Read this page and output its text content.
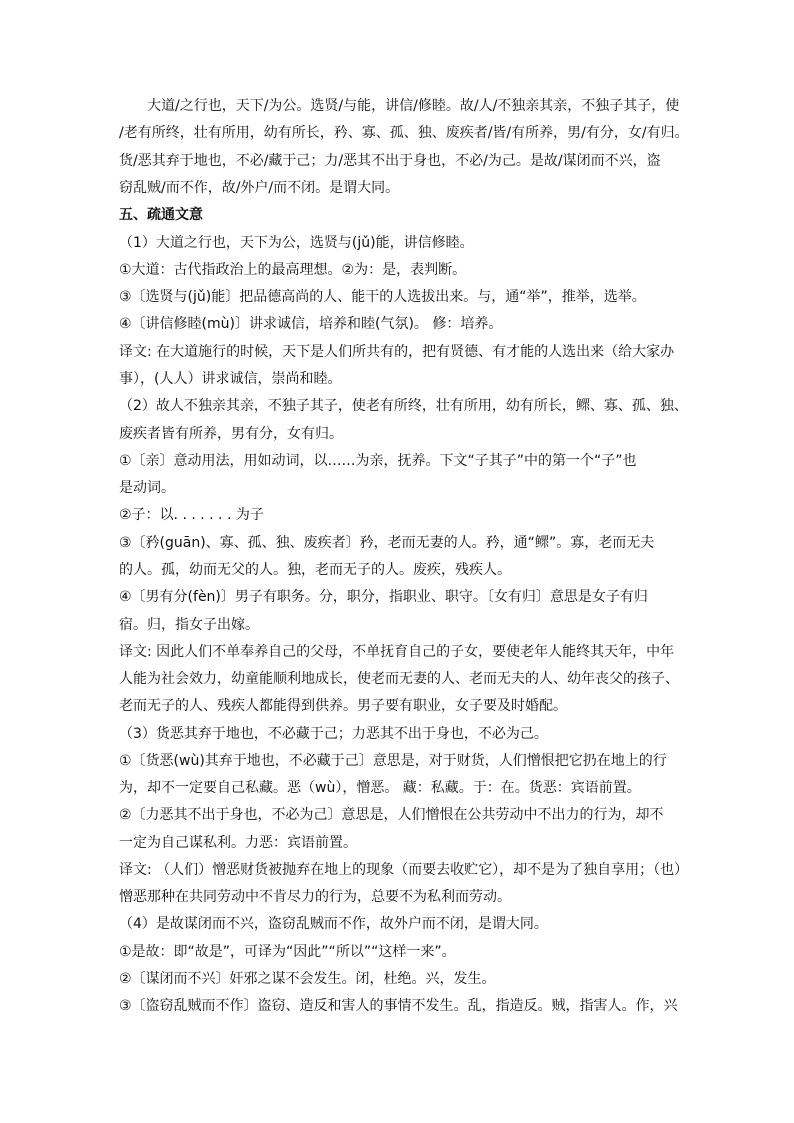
大道/之行也，天下/为公。选贤/与能，讲信/修睦。故/人/不独亲其亲，不独子其子，使
/老有所终，壮有所用，幼有所长，矜、寡、孤、独、废疾者/皆/有所养，男/有分，女/有归。
货/恶其弃于地也，不必/藏于己；力/恶其不出于身也，不必/为己。是故/谋闭而不兴，盗
窃乱贼/而不作，故/外户/而不闭。是谓大同。
五、疏通文意
（1）大道之行也，天下为公，选贤与(jǔ)能，讲信修睦。
①大道：古代指政治上的最高理想。②为：是，表判断。
③〔选贤与(jǔ)能〕把品德高尚的人、能干的人选拔出来。与，通“举”，推举，选举。
④〔讲信修睦(mù)〕讲求诚信，培养和睦(气氛)。 修：培养。
译文: 在大道施行的时候，天下是人们所共有的，把有贤德、有才能的人选出来（给大家办
事），(人人）讲求诚信，崇尚和睦。
（2）故人不独亲其亲，不独子其子，使老有所终，壮有所用，幼有所长，鳏、寡、孤、独、
废疾者皆有所养，男有分，女有归。
①〔亲〕意动用法，用如动词，以……为亲，抚养。下文“子其子”中的第一个“子”也
是动词。
②子：以. . . . . . . 为子
③〔矜(guān)、寡、孤、独、废疾者〕矜，老而无妻的人。矜，通“鳏”。寡，老而无夫
的人。孤，幼而无父的人。独，老而无子的人。废疾，残疾人。
④〔男有分(fèn)〕男子有职务。分，职分，指职业、职守。〔女有归〕意思是女子有归
宿。归，指女子出嫁。
译文: 因此人们不单奉养自己的父母，不单抚育自己的子女，要使老年人能终其天年，中年
人能为社会效力，幼童能顺利地成长，使老而无妻的人、老而无夫的人、幼年丧父的孩子、
老而无子的人、残疾人都能得到供养。男子要有职业，女子要及时婚配。
（3）货恶其弃于地也，不必藏于己；力恶其不出于身也，不必为己。
①〔货恶(wù)其弃于地也，不必藏于己〕意思是，对于财货，人们憎恨把它扔在地上的行
为，却不一定要自己私藏。恶（wù），憎恶。 藏：私藏。于：在。货恶：宾语前置。
②〔力恶其不出于身也，不必为己〕意思是，人们憎恨在公共劳动中不出力的行为，却不
一定为自己谋私利。力恶：宾语前置。
译文: （人们）憎恶财货被抛弃在地上的现象（而要去收贮它），却不是为了独自享用；（也）
憎恶那种在共同劳动中不肯尽力的行为，总要不为私利而劳动。
（4）是故谋闭而不兴，盗窃乱贼而不作，故外户而不闭，是谓大同。
①是故：即“故是”，可译为“因此”“所以”“这样一来”。
②〔谋闭而不兴〕奸邪之谋不会发生。闭，杜绝。兴，发生。
③〔盗窃乱贼而不作〕盗窃、造反和害人的事情不发生。乱，指造反。贼，指害人。作，兴
